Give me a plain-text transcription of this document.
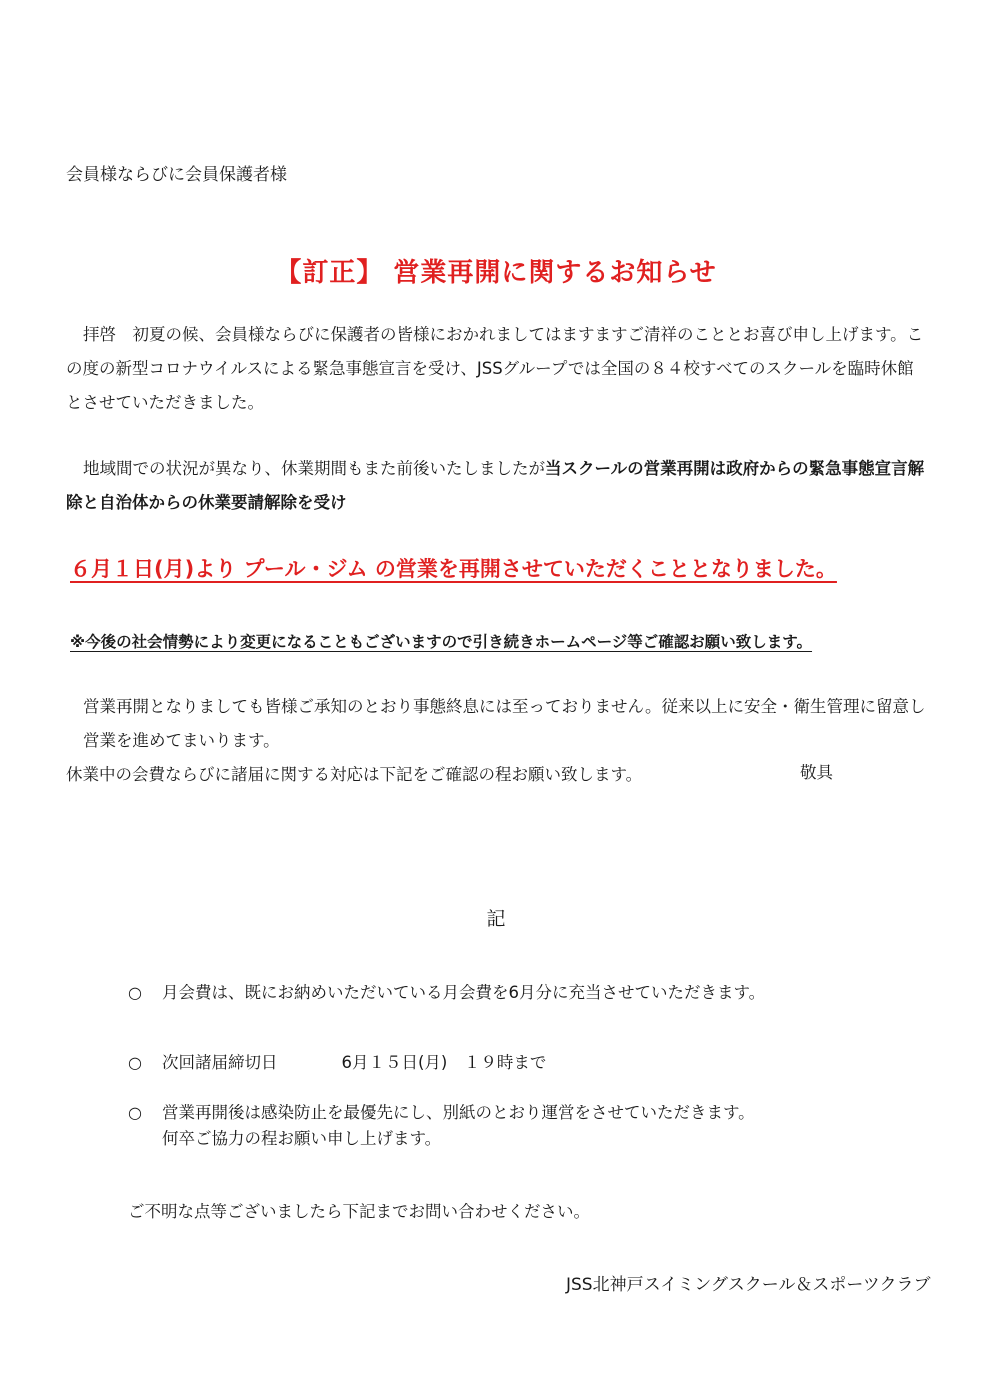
会員様ならびに会員保護者様
【訂正】 営業再開に関するお知らせ
拝啓　初夏の候、会員様ならびに保護者の皆様におかれましてはますますご清祥のこととお喜び申し上げます。この度の新型コロナウイルスによる緊急事態宣言を受け、JSSグループでは全国の８４校すべてのスクールを臨時休館とさせていただきました。
地域間での状況が異なり、休業期間もまた前後いたしましたが当スクールの営業再開は政府からの緊急事態宣言解除と自治体からの休業要請解除を受け
６月１日(月)より プール・ジム の営業を再開させていただくこととなりました。
※今後の社会情勢により変更になることもございますので引き続きホームページ等ご確認お願い致します。
営業再開となりましても皆様ご承知のとおり事態終息には至っておりません。従来以上に安全・衛生管理に留意し営業を進めてまいります。
休業中の会費ならびに諸届に関する対応は下記をご確認の程お願い致します。	敬具
記
○	月会費は、既にお納めいただいている月会費を6月分に充当させていただきます。
○	次回諸届締切日	6月１５日(月)　１９時まで
○	営業再開後は感染防止を最優先にし、別紙のとおり運営をさせていただきます。
何卒ご協力の程お願い申し上げます。
ご不明な点等ございましたら下記までお問い合わせください。
JSS北神戸スイミングスクール＆スポーツクラブ
